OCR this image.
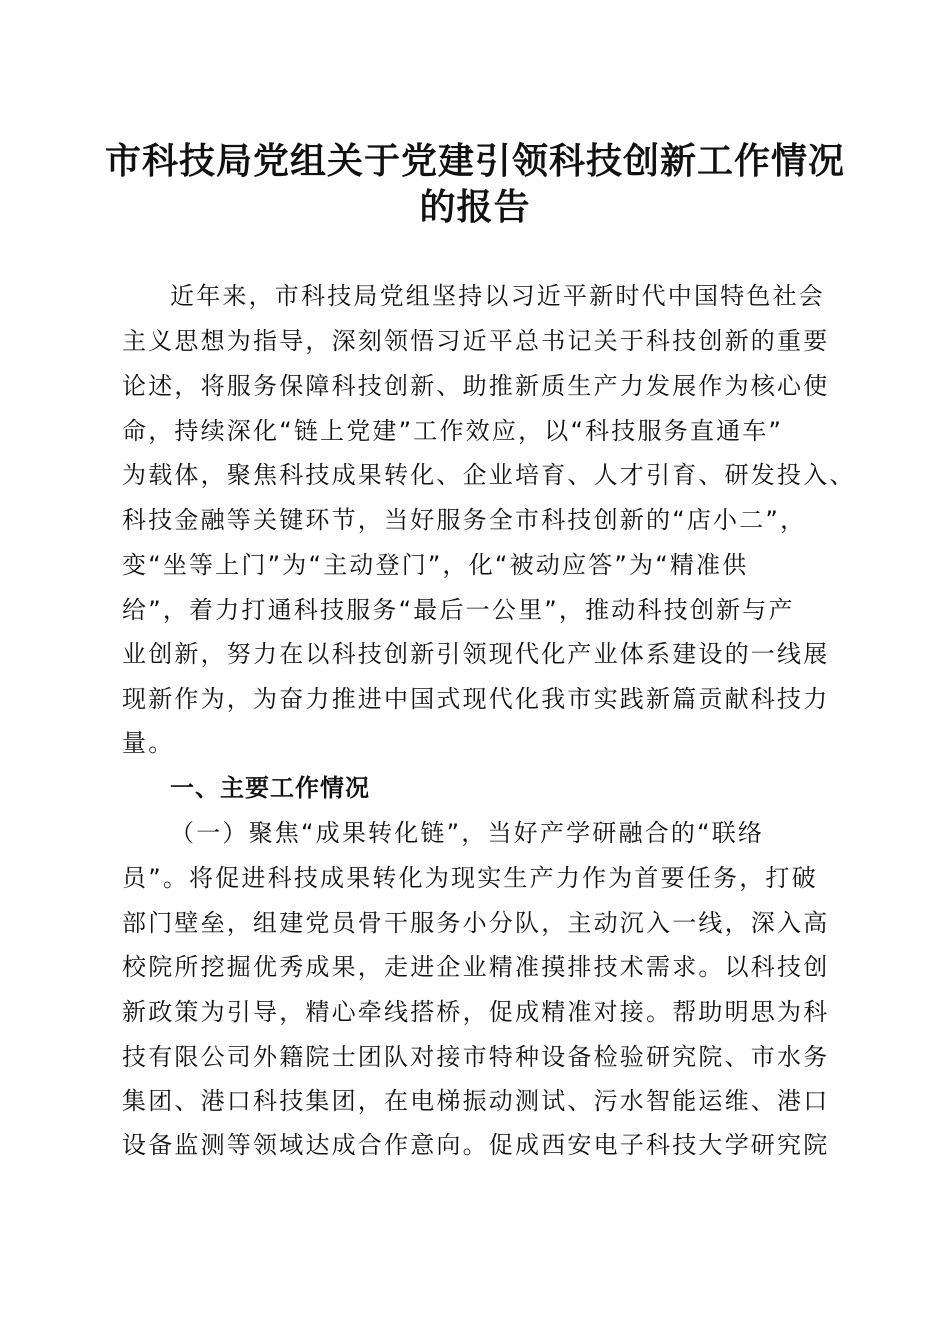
市科技局党组关于党建引领科技创新工作情况
的报告

近年来，市科技局党组坚持以习近平新时代中国特色社会

主义思想为指导，深刻领悟习近平总书记关于科技创新的重要

论述，将服务保障科技创新、助推新质生产力发展作为核心使

命，持续深化“链上党建”工作效应，以“科技服务直通车”

为载体，聚焦科技成果转化、企业培育、人才引育、研发投入、

科技金融等关键环节，当好服务全市科技创新的“店小二”，

变“坐等上门”为“主动登门”，化“被动应答”为“精准供

给”，着力打通科技服务“最后一公里”，推动科技创新与产

业创新，努力在以科技创新引领现代化产业体系建设的一线展

现新作为，为奋力推进中国式现代化我市实践新篇贡献科技力

量。

一、主要工作情况

（一）聚焦“成果转化链”，当好产学研融合的“联络

员”。将促进科技成果转化为现实生产力作为首要任务，打破

部门壁垒，组建党员骨干服务小分队，主动沉入一线，深入高

校院所挖掘优秀成果，走进企业精准摸排技术需求。以科技创

新政策为引导，精心牵线搭桥，促成精准对接。帮助明思为科

技有限公司外籍院士团队对接市特种设备检验研究院、市水务

集团、港口科技集团，在电梯振动测试、污水智能运维、港口

设备监测等领域达成合作意向。促成西安电子科技大学研究院
